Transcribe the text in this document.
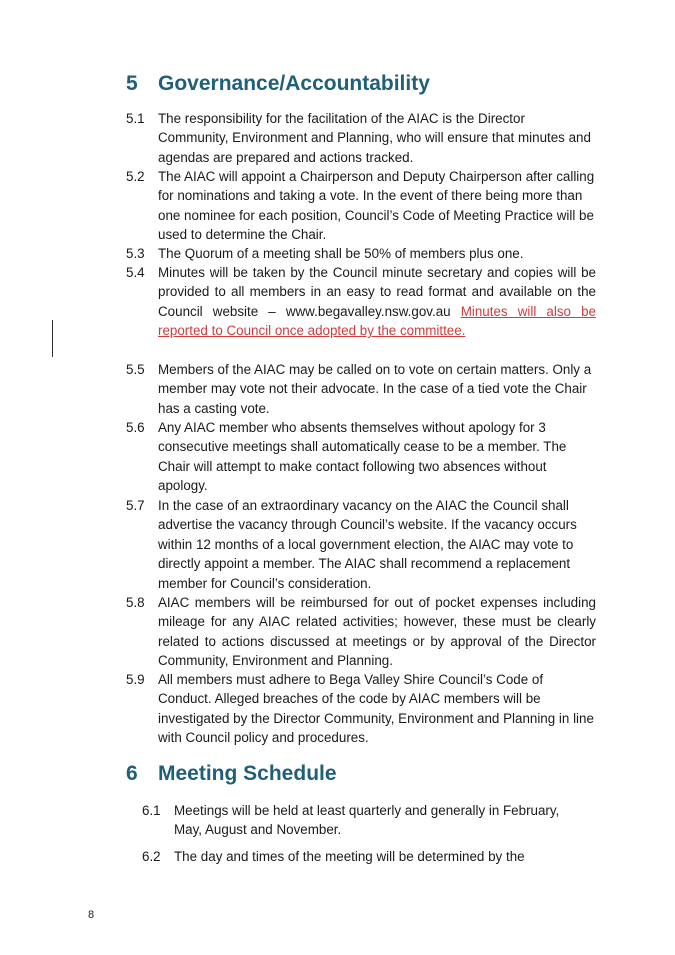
5 Governance/Accountability
5.1 The responsibility for the facilitation of the AIAC is the Director Community, Environment and Planning, who will ensure that minutes and agendas are prepared and actions tracked.
5.2 The AIAC will appoint a Chairperson and Deputy Chairperson after calling for nominations and taking a vote. In the event of there being more than one nominee for each position, Council’s Code of Meeting Practice will be used to determine the Chair.
5.3 The Quorum of a meeting shall be 50% of members plus one.
5.4 Minutes will be taken by the Council minute secretary and copies will be provided to all members in an easy to read format and available on the Council website – www.begavalley.nsw.gov.au Minutes will also be reported to Council once adopted by the committee.
5.5 Members of the AIAC may be called on to vote on certain matters. Only a member may vote not their advocate. In the case of a tied vote the Chair has a casting vote.
5.6 Any AIAC member who absents themselves without apology for 3 consecutive meetings shall automatically cease to be a member. The Chair will attempt to make contact following two absences without apology.
5.7 In the case of an extraordinary vacancy on the AIAC the Council shall advertise the vacancy through Council’s website. If the vacancy occurs within 12 months of a local government election, the AIAC may vote to directly appoint a member. The AIAC shall recommend a replacement member for Council’s consideration.
5.8 AIAC members will be reimbursed for out of pocket expenses including mileage for any AIAC related activities; however, these must be clearly related to actions discussed at meetings or by approval of the Director Community, Environment and Planning.
5.9 All members must adhere to Bega Valley Shire Council’s Code of Conduct. Alleged breaches of the code by AIAC members will be investigated by the Director Community, Environment and Planning in line with Council policy and procedures.
6 Meeting Schedule
6.1 Meetings will be held at least quarterly and generally in February, May, August and November.
6.2 The day and times of the meeting will be determined by the
8
